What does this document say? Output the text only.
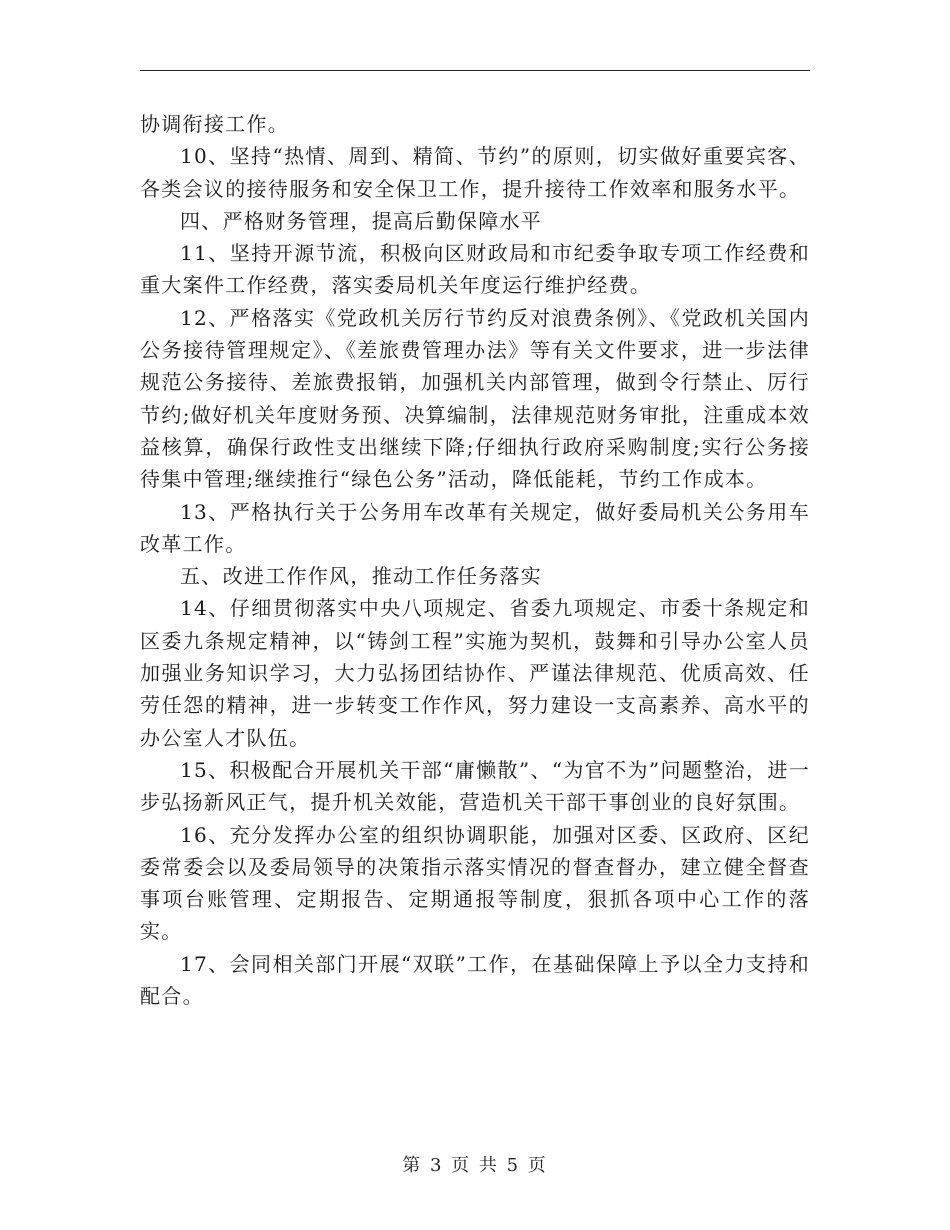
协调衔接工作。

10、坚持“热情、周到、精简、节约”的原则，切实做好重要宾客、各类会议的接待服务和安全保卫工作，提升接待工作效率和服务水平。

四、严格财务管理，提高后勤保障水平

11、坚持开源节流，积极向区财政局和市纪委争取专项工作经费和重大案件工作经费，落实委局机关年度运行维护经费。

12、严格落实《党政机关厉行节约反对浪费条例》、《党政机关国内公务接待管理规定》、《差旅费管理办法》等有关文件要求，进一步法律规范公务接待、差旅费报销，加强机关内部管理，做到令行禁止、厉行节约;做好机关年度财务预、决算编制，法律规范财务审批，注重成本效益核算，确保行政性支出继续下降;仔细执行政府采购制度;实行公务接待集中管理;继续推行“绿色公务”活动，降低能耗，节约工作成本。

13、严格执行关于公务用车改革有关规定，做好委局机关公务用车改革工作。

五、改进工作作风，推动工作任务落实

14、仔细贯彻落实中央八项规定、省委九项规定、市委十条规定和区委九条规定精神，以“铸剑工程”实施为契机，鼓舞和引导办公室人员加强业务知识学习，大力弘扬团结协作、严谨法律规范、优质高效、任劳任怨的精神，进一步转变工作作风，努力建设一支高素养、高水平的办公室人才队伍。

15、积极配合开展机关干部“庸懒散”、“为官不为”问题整治，进一步弘扬新风正气，提升机关效能，营造机关干部干事创业的良好氛围。

16、充分发挥办公室的组织协调职能，加强对区委、区政府、区纪委常委会以及委局领导的决策指示落实情况的督查督办，建立健全督查事项台账管理、定期报告、定期通报等制度，狠抓各项中心工作的落实。

17、会同相关部门开展“双联”工作，在基础保障上予以全力支持和配合。

第 3 页 共 5 页
